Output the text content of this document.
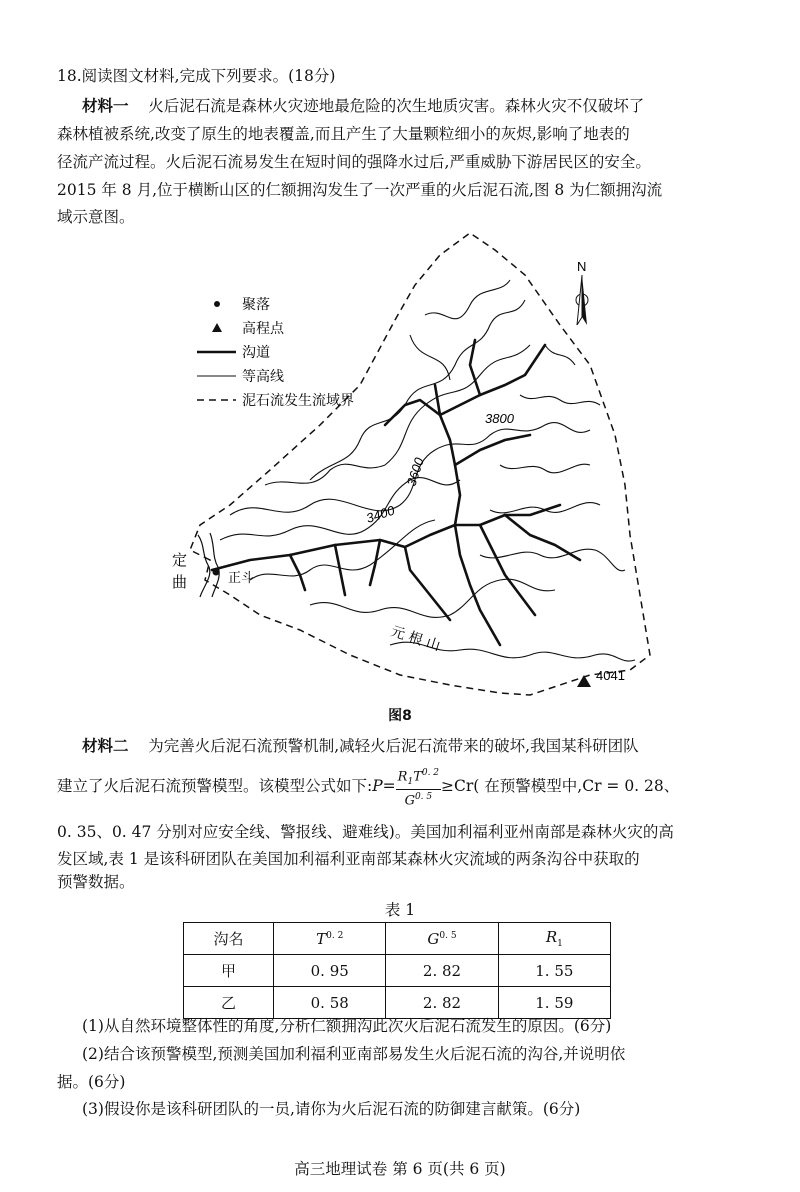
18.阅读图文材料,完成下列要求。(18分)
材料一 火后泥石流是森林火灾迹地最危险的次生地质灾害。森林火灾不仅破坏了
森林植被系统,改变了原生的地表覆盖,而且产生了大量颗粒细小的灰烬,影响了地表的
径流产流过程。火后泥石流易发生在短时间的强降水过后,严重威胁下游居民区的安全。
2015 年 8 月,位于横断山区的仁额拥沟发生了一次严重的火后泥石流,图 8 为仁额拥沟流
域示意图。
3800
3600
3400
定
曲	正斗
元 根 山
4041
N
聚落
高程点
沟道
等高线
泥石流发生流域界
图8
材料二 为完善火后泥石流预警机制,减轻火后泥石流带来的破坏,我国某科研团队
建立了火后泥石流预警模型。该模型公式如下:P= $\frac{R_1T^{0. 2}}{G^{0. 5}} \ge Cr$( 在预警模型中,Cr = 0. 28、
0. 35、0. 47 分别对应安全线、警报线、避难线)。美国加利福利亚州南部是森林火灾的高
发区域,表 1 是该科研团队在美国加利福利亚南部某森林火灾流域的两条沟谷中获取的
预警数据。
表 1
沟名	$T^{0. 2}$	$G^{0. 5}$	$R_1$
甲	0. 95	2. 82	1. 55
乙	0. 58	2. 82	1. 59
(1)从自然环境整体性的角度,分析仁额拥沟此次火后泥石流发生的原因。(6分)
(2)结合该预警模型,预测美国加利福利亚南部易发生火后泥石流的沟谷,并说明依
据。(6分)
(3)假设你是该科研团队的一员,请你为火后泥石流的防御建言献策。(6分)
高三地理试卷 第 6 页(共 6 页)
